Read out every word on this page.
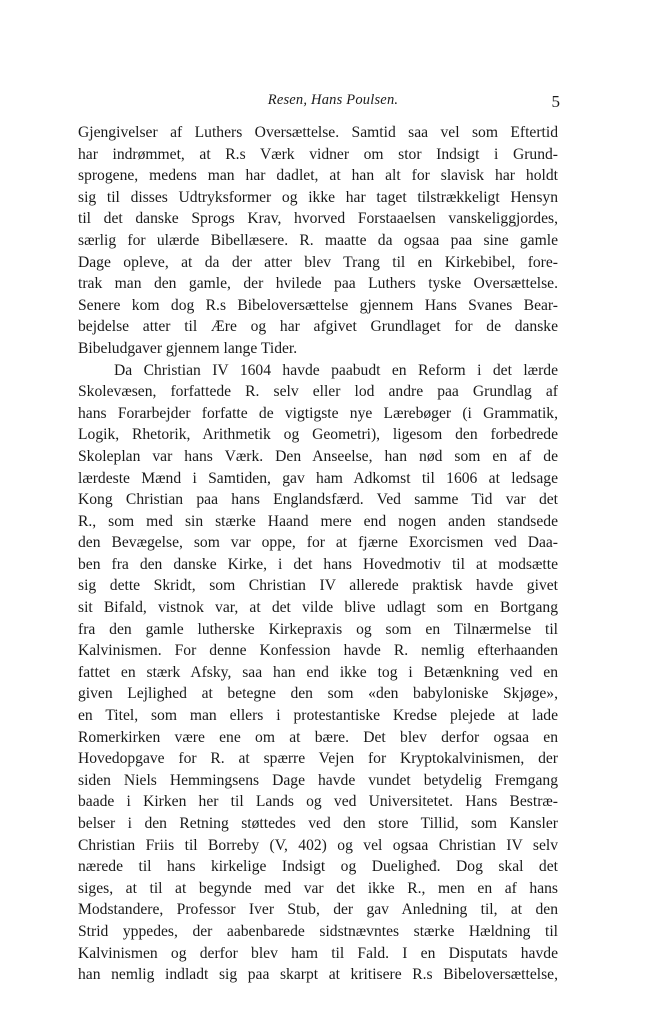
Resen, Hans Poulsen.	5
Gjengivelser af Luthers Oversættelse. Samtid saa vel som Eftertid
har indrømmet, at R.s Værk vidner om stor Indsigt i Grund-
sprogene, medens man har dadlet, at han alt for slavisk har holdt
sig til disses Udtryksformer og ikke har taget tilstrækkeligt Hensyn
til det danske Sprogs Krav, hvorved Forstaaelsen vanskeliggjordes,
særlig for ulærde Bibellæsere. R. maatte da ogsaa paa sine gamle
Dage opleve, at da der atter blev Trang til en Kirkebibel, fore-
trak man den gamle, der hvilede paa Luthers tyske Oversættelse.
Senere kom dog R.s Bibeloversættelse gjennem Hans Svanes Bear-
bejdelse atter til Ære og har afgivet Grundlaget for de danske
Bibeludgaver gjennem lange Tider.
Da Christian IV 1604 havde paabudt en Reform i det lærde
Skolevæsen, forfattede R. selv eller lod andre paa Grundlag af
hans Forarbejder forfatte de vigtigste nye Lærebøger (i Grammatik,
Logik, Rhetorik, Arithmetik og Geometri), ligesom den forbedrede
Skoleplan var hans Værk. Den Anseelse, han nød som en af de
lærdeste Mænd i Samtiden, gav ham Adkomst til 1606 at ledsage
Kong Christian paa hans Englandsfærd. Ved samme Tid var det
R., som med sin stærke Haand mere end nogen anden standsede
den Bevægelse, som var oppe, for at fjærne Exorcismen ved Daa-
ben fra den danske Kirke, i det hans Hovedmotiv til at modsætte
sig dette Skridt, som Christian IV allerede praktisk havde givet
sit Bifald, vistnok var, at det vilde blive udlagt som en Bortgang
fra den gamle lutherske Kirkepraxis og som en Tilnærmelse til
Kalvinismen. For denne Konfession havde R. nemlig efterhaanden
fattet en stærk Afsky, saa han end ikke tog i Betænkning ved en
given Lejlighed at betegne den som «den babyloniske Skjøge»,
en Titel, som man ellers i protestantiske Kredse plejede at lade
Romerkirken være ene om at bære. Det blev derfor ogsaa en
Hovedopgave for R. at spærre Vejen for Kryptokalvinismen, der
siden Niels Hemmingsens Dage havde vundet betydelig Fremgang
baade i Kirken her til Lands og ved Universitetet. Hans Bestræ-
belser i den Retning støttedes ved den store Tillid, som Kansler
Christian Friis til Borreby (V, 402) og vel ogsaa Christian IV selv
nærede til hans kirkelige Indsigt og Dueligheđ. Dog skal det
siges, at til at begynde med var det ikke R., men en af hans
Modstandere, Professor Iver Stub, der gav Anledning til, at den
Strid yppedes, der aabenbarede sidstnævntes stærke Hældning til
Kalvinismen og derfor blev ham til Fald. I en Disputats havde
han nemlig indladt sig paa skarpt at kritisere R.s Bibeloversættelse,
